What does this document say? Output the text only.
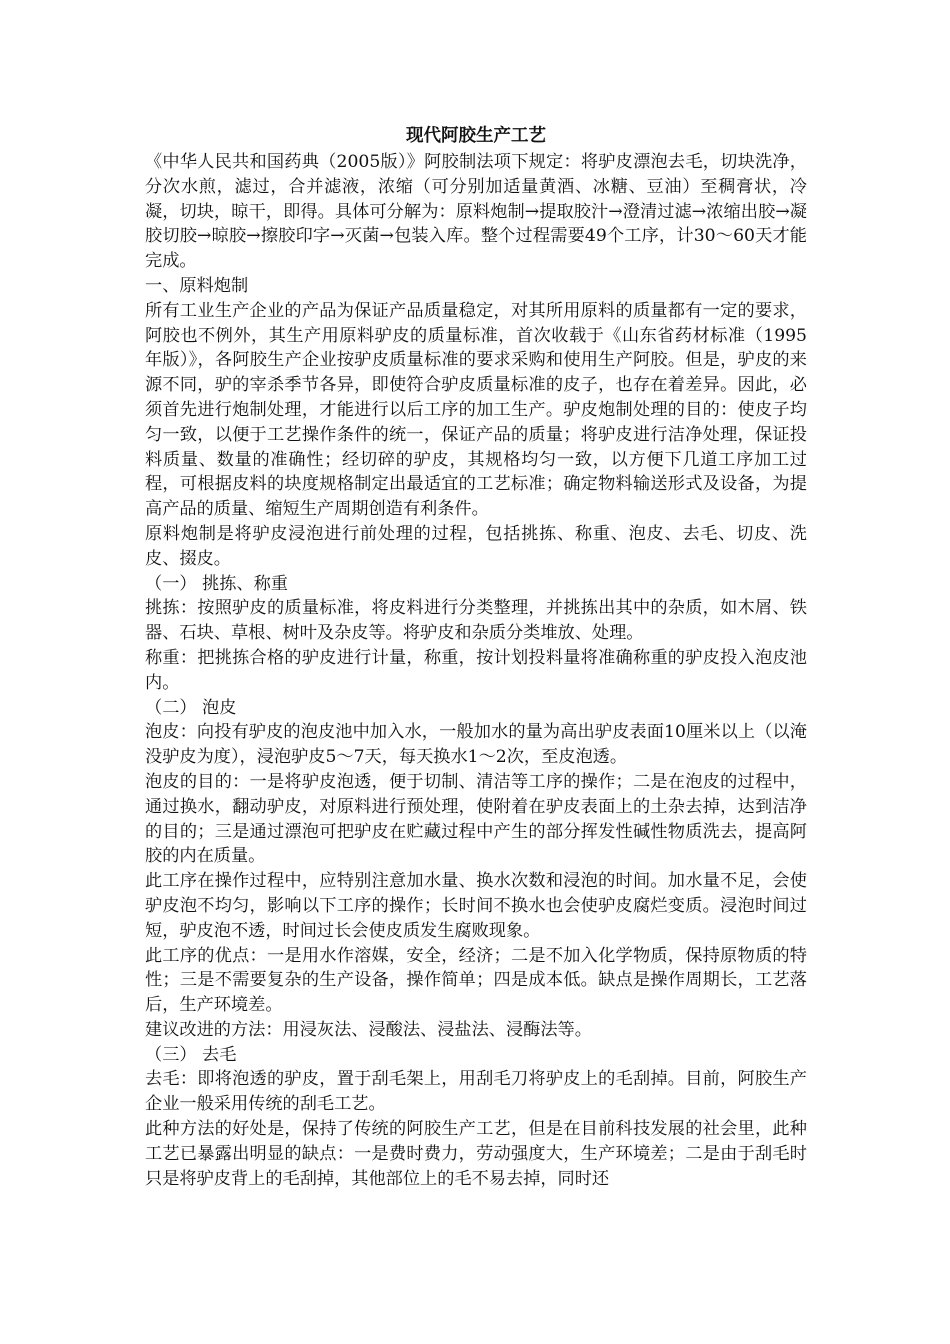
现代阿胶生产工艺

《中华人民共和国药典（2005版）》阿胶制法项下规定：将驴皮漂泡去毛，切块洗净，分次水煎，滤过，合并滤液，浓缩（可分别加适量黄酒、冰糖、豆油）至稠膏状，冷凝，切块，晾干，即得。具体可分解为：原料炮制→提取胶汁→澄清过滤→浓缩出胶→凝胶切胶→晾胶→擦胶印字→灭菌→包装入库。整个过程需要49个工序，计30～60天才能完成。

一、原料炮制

所有工业生产企业的产品为保证产品质量稳定，对其所用原料的质量都有一定的要求，阿胶也不例外，其生产用原料驴皮的质量标准，首次收载于《山东省药材标准（1995年版）》，各阿胶生产企业按驴皮质量标准的要求采购和使用生产阿胶。但是，驴皮的来源不同，驴的宰杀季节各异，即使符合驴皮质量标准的皮子，也存在着差异。因此，必须首先进行炮制处理，才能进行以后工序的加工生产。驴皮炮制处理的目的：使皮子均匀一致，以便于工艺操作条件的统一，保证产品的质量；将驴皮进行洁净处理，保证投料质量、数量的准确性；经切碎的驴皮，其规格均匀一致，以方便下几道工序加工过程，可根据皮料的块度规格制定出最适宜的工艺标准；确定物料输送形式及设备，为提高产品的质量、缩短生产周期创造有利条件。

原料炮制是将驴皮浸泡进行前处理的过程，包括挑拣、称重、泡皮、去毛、切皮、洗皮、掇皮。

（一） 挑拣、称重

挑拣：按照驴皮的质量标准，将皮料进行分类整理，并挑拣出其中的杂质，如木屑、铁器、石块、草根、树叶及杂皮等。将驴皮和杂质分类堆放、处理。

称重：把挑拣合格的驴皮进行计量，称重，按计划投料量将准确称重的驴皮投入泡皮池内。

（二） 泡皮

泡皮：向投有驴皮的泡皮池中加入水，一般加水的量为高出驴皮表面10厘米以上（以淹没驴皮为度），浸泡驴皮5～7天，每天换水1～2次，至皮泡透。

泡皮的目的：一是将驴皮泡透，便于切制、清洁等工序的操作；二是在泡皮的过程中，通过换水，翻动驴皮，对原料进行预处理，使附着在驴皮表面上的土杂去掉，达到洁净的目的；三是通过漂泡可把驴皮在贮藏过程中产生的部分挥发性碱性物质洗去，提高阿胶的内在质量。

此工序在操作过程中，应特别注意加水量、换水次数和浸泡的时间。加水量不足，会使驴皮泡不均匀，影响以下工序的操作；长时间不换水也会使驴皮腐烂变质。浸泡时间过短，驴皮泡不透，时间过长会使皮质发生腐败现象。

此工序的优点：一是用水作溶媒，安全，经济；二是不加入化学物质，保持原物质的特性；三是不需要复杂的生产设备，操作简单；四是成本低。缺点是操作周期长，工艺落后，生产环境差。

建议改进的方法：用浸灰法、浸酸法、浸盐法、浸酶法等。

（三） 去毛

去毛：即将泡透的驴皮，置于刮毛架上，用刮毛刀将驴皮上的毛刮掉。目前，阿胶生产企业一般采用传统的刮毛工艺。

此种方法的好处是，保持了传统的阿胶生产工艺，但是在目前科技发展的社会里，此种工艺已暴露出明显的缺点：一是费时费力，劳动强度大，生产环境差；二是由于刮毛时只是将驴皮背上的毛刮掉，其他部位上的毛不易去掉，同时还
